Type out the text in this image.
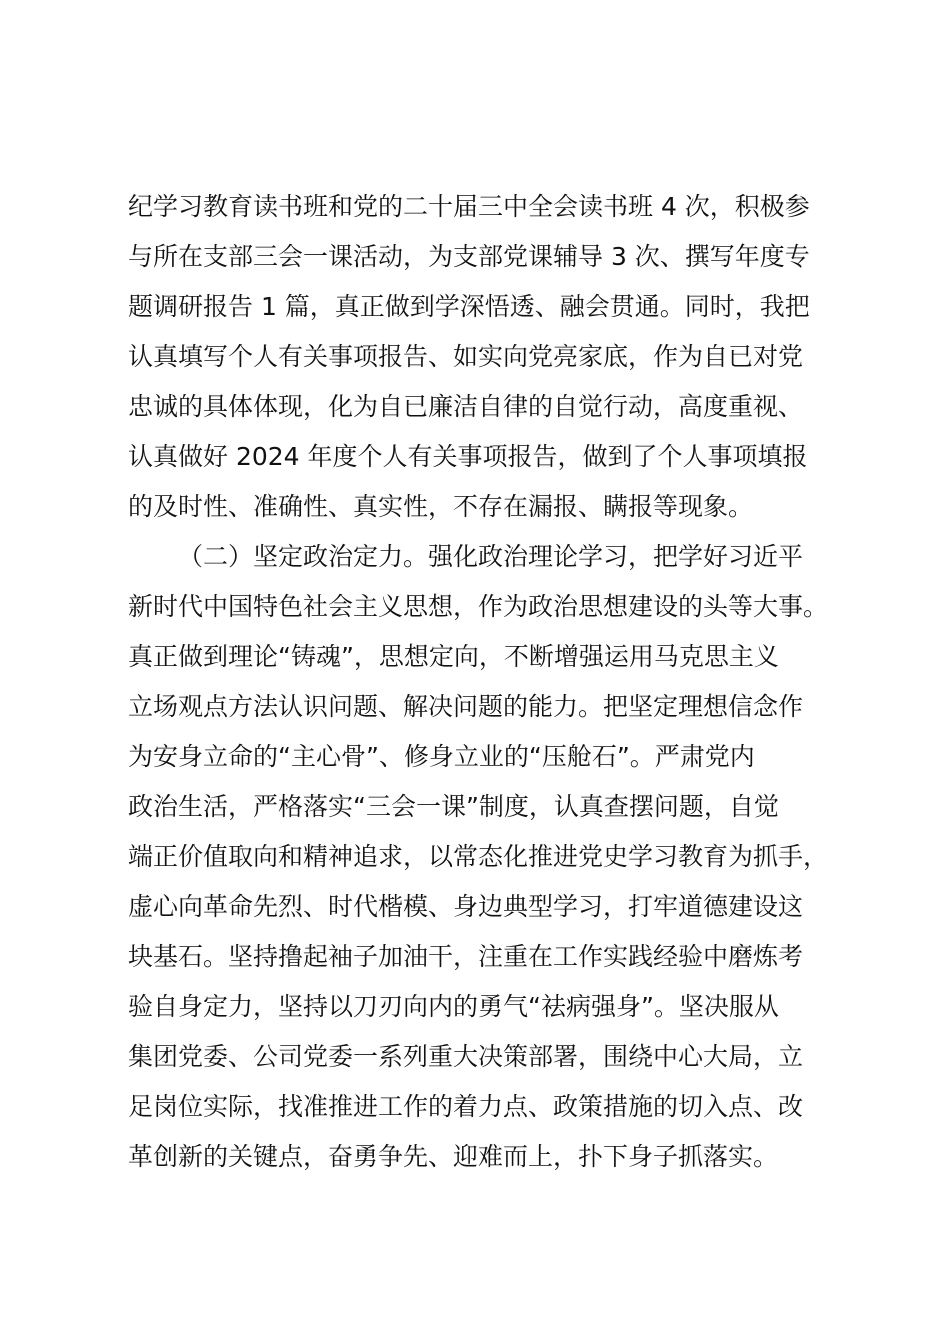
纪学习教育读书班和党的二十届三中全会读书班 4 次，积极参
与所在支部三会一课活动，为支部党课辅导 3 次、撰写年度专
题调研报告 1 篇，真正做到学深悟透、融会贯通。同时，我把
认真填写个人有关事项报告、如实向党亮家底，作为自已对党
忠诚的具体体现，化为自已廉洁自律的自觉行动，高度重视、
认真做好 2024 年度个人有关事项报告，做到了个人事项填报
的及时性、准确性、真实性，不存在漏报、瞒报等现象。
（二）坚定政治定力。强化政治理论学习，把学好习近平
新时代中国特色社会主义思想，作为政治思想建设的头等大事。
真正做到理论“铸魂”，思想定向，不断增强运用马克思主义
立场观点方法认识问题、解决问题的能力。把坚定理想信念作
为安身立命的“主心骨”、修身立业的“压舱石”。严肃党内
政治生活，严格落实“三会一课”制度，认真查摆问题，自觉
端正价值取向和精神追求，以常态化推进党史学习教育为抓手，
虚心向革命先烈、时代楷模、身边典型学习，打牢道德建设这
块基石。坚持撸起袖子加油干，注重在工作实践经验中磨炼考
验自身定力，坚持以刀刃向内的勇气“祛病强身”。坚决服从
集团党委、公司党委一系列重大决策部署，围绕中心大局，立
足岗位实际，找准推进工作的着力点、政策措施的切入点、改
革创新的关键点，奋勇争先、迎难而上，扑下身子抓落实。
